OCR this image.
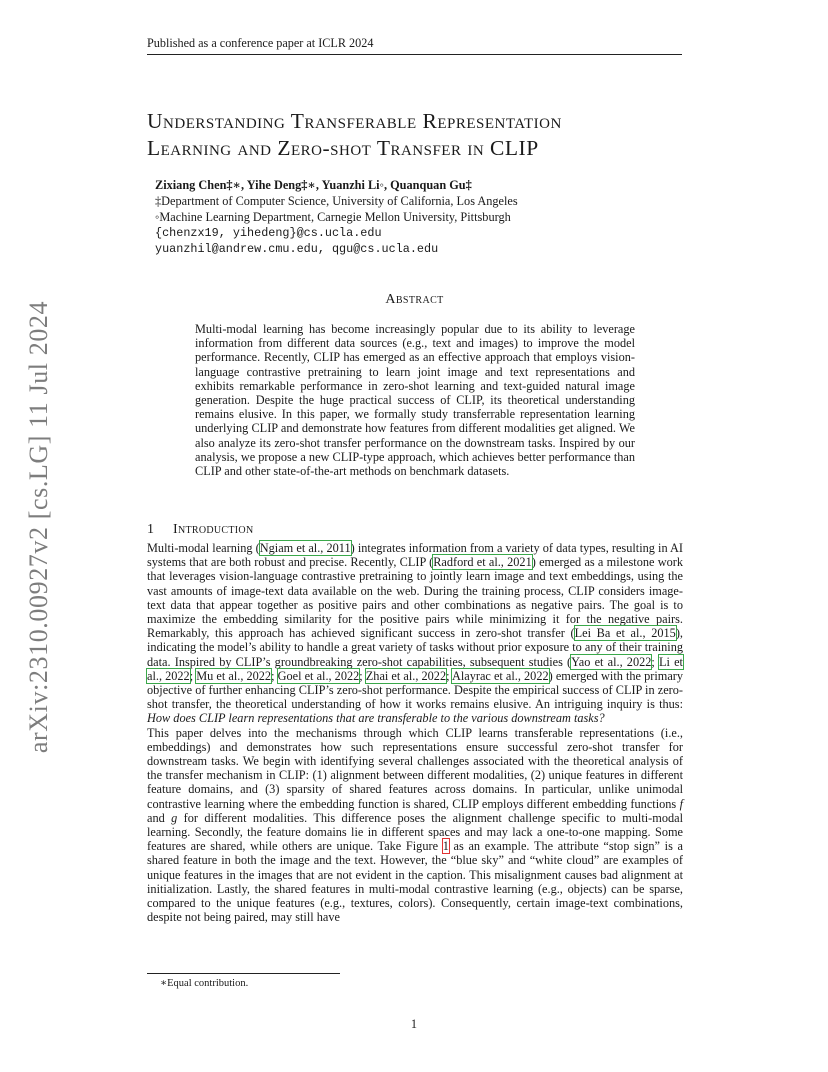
Published as a conference paper at ICLR 2024
arXiv:2310.00927v2 [cs.LG] 11 Jul 2024
Understanding Transferable Representation
Learning and Zero-shot Transfer in CLIP
Zixiang Chen‡∗, Yihe Deng‡∗, Yuanzhi Li◦, Quanquan Gu‡
‡Department of Computer Science, University of California, Los Angeles
◦Machine Learning Department, Carnegie Mellon University, Pittsburgh
{chenzx19, yihedeng}@cs.ucla.edu
yuanzhil@andrew.cmu.edu, qgu@cs.ucla.edu
Abstract
Multi-modal learning has become increasingly popular due to its ability to leverage information from different data sources (e.g., text and images) to improve the model performance. Recently, CLIP has emerged as an effective approach that employs vision-language contrastive pretraining to learn joint image and text representations and exhibits remarkable performance in zero-shot learning and text-guided natural image generation. Despite the huge practical success of CLIP, its theoretical understanding remains elusive. In this paper, we formally study transferrable representation learning underlying CLIP and demonstrate how features from different modalities get aligned. We also analyze its zero-shot transfer performance on the downstream tasks. Inspired by our analysis, we propose a new CLIP-type approach, which achieves better performance than CLIP and other state-of-the-art methods on benchmark datasets.
1 Introduction

Multi-modal learning (Ngiam et al., 2011) integrates information from a variety of data types, resulting in AI systems that are both robust and precise. Recently, CLIP (Radford et al., 2021) emerged as a milestone work that leverages vision-language contrastive pretraining to jointly learn image and text embeddings, using the vast amounts of image-text data available on the web. During the training process, CLIP considers image-text data that appear together as positive pairs and other combinations as negative pairs. The goal is to maximize the embedding similarity for the positive pairs while minimizing it for the negative pairs. Remarkably, this approach has achieved significant success in zero-shot transfer (Lei Ba et al., 2015), indicating the model’s ability to handle a great variety of tasks without prior exposure to any of their training data. Inspired by CLIP’s groundbreaking zero-shot capabilities, subsequent studies (Yao et al., 2022; Li et al., 2022; Mu et al., 2022; Goel et al., 2022; Zhai et al., 2022; Alayrac et al., 2022) emerged with the primary objective of further enhancing CLIP’s zero-shot performance. Despite the empirical success of CLIP in zero-shot transfer, the theoretical understanding of how it works remains elusive. An intriguing inquiry is thus: How does CLIP learn representations that are transferable to the various downstream tasks?

This paper delves into the mechanisms through which CLIP learns transferable representations (i.e., embeddings) and demonstrates how such representations ensure successful zero-shot transfer for downstream tasks. We begin with identifying several challenges associated with the theoretical analysis of the transfer mechanism in CLIP: (1) alignment between different modalities, (2) unique features in different feature domains, and (3) sparsity of shared features across domains. In particular, unlike unimodal contrastive learning where the embedding function is shared, CLIP employs different embedding functions f and g for different modalities. This difference poses the alignment challenge specific to multi-modal learning. Secondly, the feature domains lie in different spaces and may lack a one-to-one mapping. Some features are shared, while others are unique. Take Figure 1 as an example. The attribute “stop sign” is a shared feature in both the image and the text. However, the “blue sky” and “white cloud” are examples of unique features in the images that are not evident in the caption. This misalignment causes bad alignment at initialization. Lastly, the shared features in multi-modal contrastive learning (e.g., objects) can be sparse, compared to the unique features (e.g., textures, colors). Consequently, certain image-text combinations, despite not being paired, may still have

∗Equal contribution.
1
